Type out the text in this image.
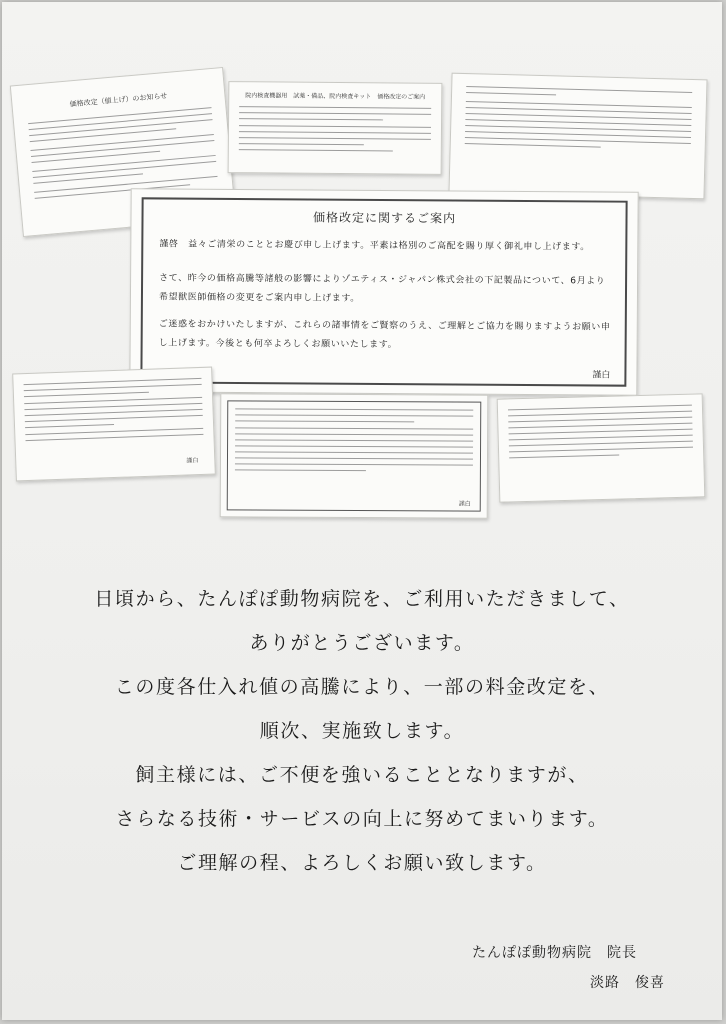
価格改定（値上げ）のお知らせ	院内検査機器用　試薬・備品、院内検査キット　価格改定のご案内
価格改定に関するご案内

謹啓　益々ご清栄のこととお慶び申し上げます。平素は格別のご高配を賜り厚く御礼申し上げます。

さて、昨今の価格高騰等諸般の影響によりゾエティス・ジャパン株式会社の下記製品について、6月より希望獣医師価格の変更をご案内申し上げます。

ご迷惑をおかけいたしますが、これらの諸事情をご賢察のうえ、ご理解とご協力を賜りますようお願い申し上げます。今後とも何卒よろしくお願いいたします。

謹白
謹白
謹白
日頃から、たんぽぽ動物病院を、ご利用いただきまして、
ありがとうございます。
この度各仕入れ値の高騰により、一部の料金改定を、
順次、実施致します。
飼主様には、ご不便を強いることとなりますが、
さらなる技術・サービスの向上に努めてまいります。
ご理解の程、よろしくお願い致します。
たんぽぽ動物病院　院長
淡路　俊喜
